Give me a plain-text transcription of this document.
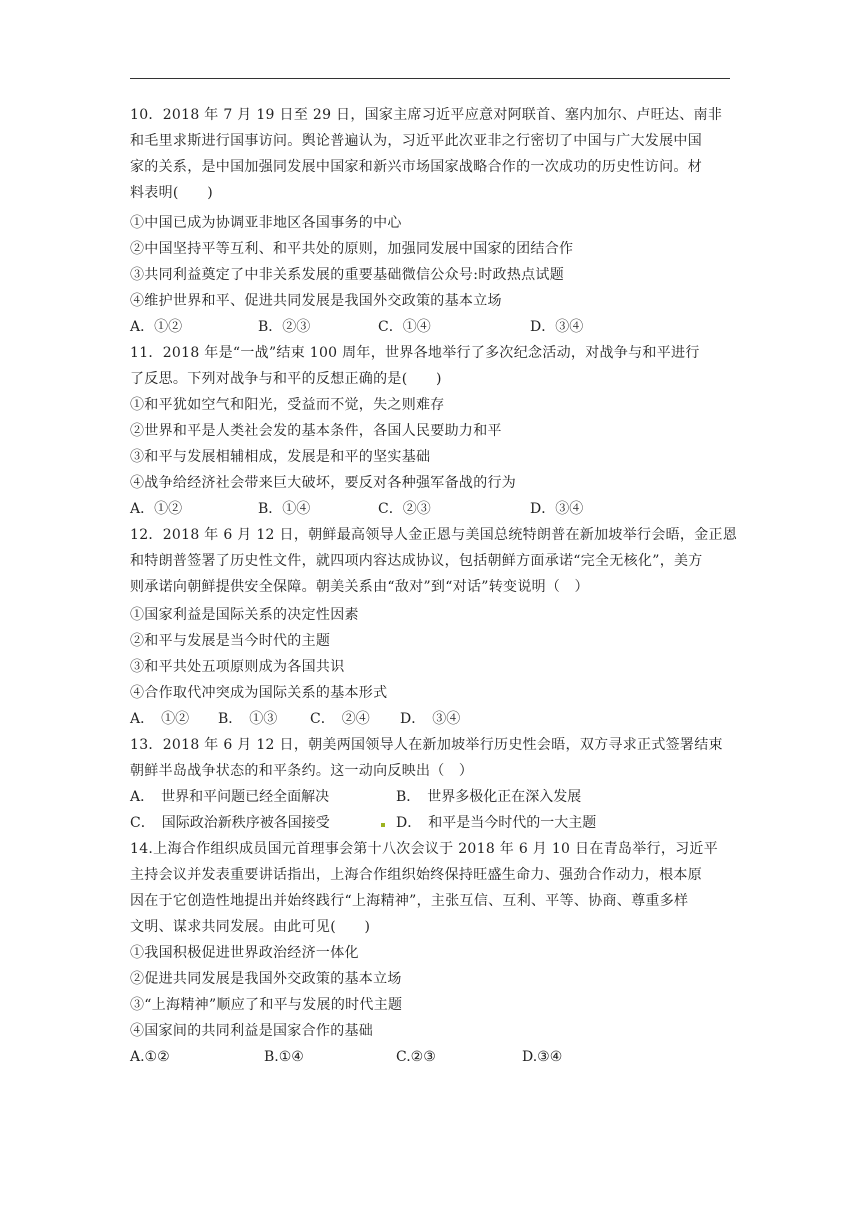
10．2018 年 7 月 19 日至 29 日，国家主席习近平应意对阿联首、塞内加尔、卢旺达、南非
和毛里求斯进行国事访问。舆论普遍认为，习近平此次亚非之行密切了中国与广大发展中国
家的关系，是中国加强同发展中国家和新兴市场国家战略合作的一次成功的历史性访问。材
料表明(　　)
①中国已成为协调亚非地区各国事务的中心
②中国坚持平等互利、和平共处的原则，加强同发展中国家的团结合作
③共同利益奠定了中非关系发展的重要基础微信公众号:时政热点试题
④维护世界和平、促进共同发展是我国外交政策的基本立场
A．①②	B．②③	C．①④	D．③④
11．2018 年是“一战”结束 100 周年，世界各地举行了多次纪念活动，对战争与和平进行
了反思。下列对战争与和平的反想正确的是(　　)
①和平犹如空气和阳光，受益而不觉，失之则难存
②世界和平是人类社会发的基本条件，各国人民要助力和平
③和平与发展相辅相成，发展是和平的坚实基础
④战争给经济社会带来巨大破坏，要反对各种强军备战的行为
A．①②	B．①④	C．②③	D．③④
12．2018 年 6 月 12 日，朝鲜最高领导人金正恩与美国总统特朗普在新加坡举行会晤，金正恩
和特朗普签署了历史性文件，就四项内容达成协议，包括朝鲜方面承诺“完全无核化”，美方
则承诺向朝鲜提供安全保障。朝美关系由“敌对”到“对话”转变说明（　）
①国家利益是国际关系的决定性因素
②和平与发展是当今时代的主题
③和平共处五项原则成为各国共识
④合作取代冲突成为国际关系的基本形式
A．　①② B．　①③ C．　②④ D．　③④
13．2018 年 6 月 12 日，朝美两国领导人在新加坡举行历史性会晤，双方寻求正式签署结束
朝鲜半岛战争状态的和平条约。这一动向反映出（　）
A．　世界和平问题已经全面解决	B．　世界多极化正在深入发展
C．　国际政治新秩序被各国接受	D．　和平是当今时代的一大主题
14.上海合作组织成员国元首理事会第十八次会议于 2018 年 6 月 10 日在青岛举行，习近平
主持会议并发表重要讲话指出，上海合作组织始终保持旺盛生命力、强劲合作动力，根本原
因在于它创造性地提出并始终践行“上海精神”，主张互信、互利、平等、协商、尊重多样
文明、谋求共同发展。由此可见(　　)
①我国积极促进世界政治经济一体化
②促进共同发展是我国外交政策的基本立场
③“上海精神”顺应了和平与发展的时代主题
④国家间的共同利益是国家合作的基础
A.①②	B.①④	C.②③	D.③④
